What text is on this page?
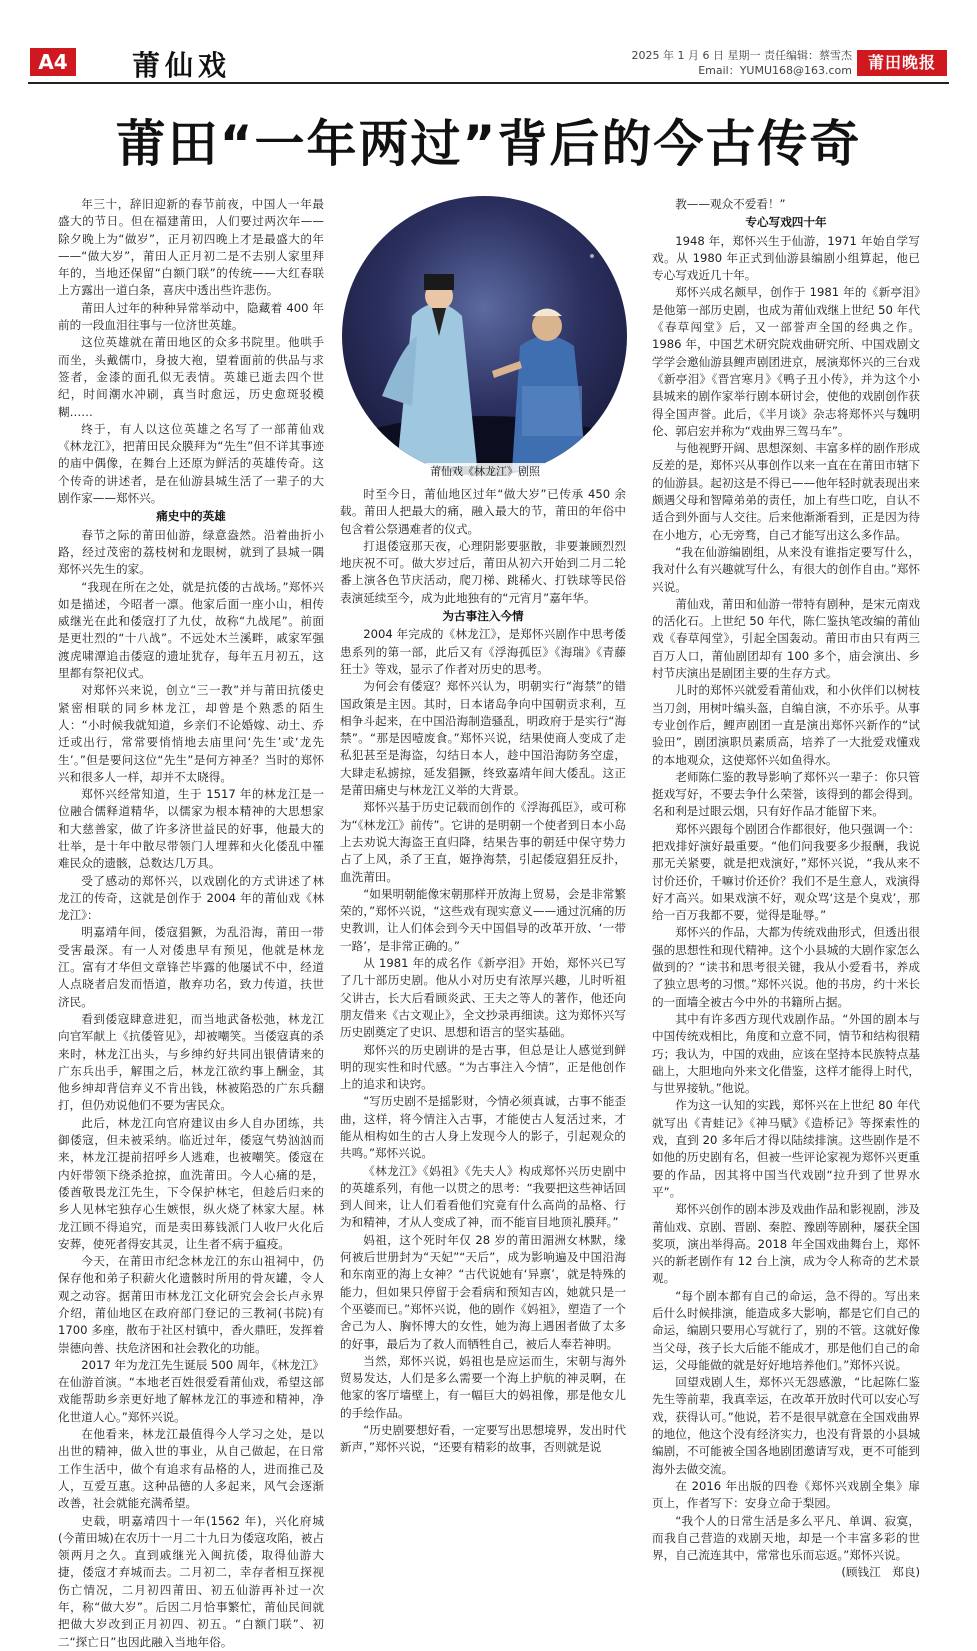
A4 莆仙戏	2025 年 1 月 6 日 星期一 责任编辑：蔡雪杰
Email：YUMU168@163.com 莆田晚报
莆田“一年两过”背后的今古传奇

年三十，辞旧迎新的春节前夜，中国人一年最盛大的节日。但在福建莆田，人们要过两次年——除夕晚上为“做岁”，正月初四晚上才是最盛大的年——“做大岁”，莆田人正月初二是不去别人家里拜年的，当地还保留“白额门联”的传统——大红春联上方露出一道白条，喜庆中透出些许悲伤。

莆田人过年的种种异常举动中，隐藏着 400 年前的一段血泪往事与一位济世英雄。

这位英雄就在莆田地区的众多书院里。他哄手而坐，头戴儒巾，身披大袍，望着面前的供品与求签者，金漆的面孔似无表情。英雄已逝去四个世纪，时间潮水冲刷，真当时愈远，历史愈斑驳模糊……

终于，有人以这位英雄之名写了一部莆仙戏《林龙江》，把莆田民众膜拜为“先生”但不详其事迹的庙中偶像，在舞台上还原为鲜活的英雄传奇。这个传奇的讲述者，是在仙游县城生活了一辈子的大剧作家——郑怀兴。

痛史中的英雄

春节之际的莆田仙游，绿意盎然。沿着曲折小路，经过茂密的荔枝树和龙眼树，就到了县城一隅郑怀兴先生的家。

“我现在所在之处，就是抗倭的古战场。”郑怀兴如是描述，今昭者一凛。他家后面一座小山，相传威继光在此和倭寇打了九仗，故称“九战尾”。前面是更壮烈的“十八战”。不远处木兰溪畔，戚家军强渡虎啸潭追击倭寇的遗址犹存，每年五月初五，这里都有祭祀仪式。

对郑怀兴来说，创立“三一教”并与莆田抗倭史紧密相联的同乡林龙江，却曾是个熟悉的陌生人：“小时候我就知道，乡亲们不论婚嫁、动土、乔迁或出行，常常要悄悄地去庙里问‘先生’或‘龙先生’。”但是要问这位“先生”是何方神圣？当时的郑怀兴和很多人一样，却并不太晓得。

郑怀兴经常知道，生于 1517 年的林龙江是一位融合儒释道精华，以儒家为根本精神的大思想家和大慈善家，做了许多济世益民的好事，他最大的壮举，是十年中散尽带领门人埋葬和火化倭乱中罹难民众的遗骸，总数达几万具。

受了感动的郑怀兴，以戏剧化的方式讲述了林龙江的传奇，这就是创作于 2004 年的莆仙戏《林龙江》：

明嘉靖年间，倭寇猖獗，为乱沿海，莆田一带受害最深。有一人对倭患早有预见，他就是林龙江。富有才华但文章锋芒毕露的他屡试不中，经道人点晓者启发而悟道，散弃功名，致力传道，扶世济民。

看到倭寇肆意进犯，而当地武备松弛，林龙江向官军献上《抗倭管见》，却被嘲笑。当倭寇真的杀来时，林龙江出头，与乡绅约好共同出银倩请来的广东兵出手，解围之后，林龙江欲约事上酬金，其他乡绅却背信弃义不肯出钱，林被陷恐的广东兵翻打，但仍劝说他们不要为害民众。

此后，林龙江向官府建议由乡人自办团练，共御倭寇，但未被采纳。临近过年，倭寇气势汹汹而来，林龙江提前招呼乡人逃难，也被嘲笑。倭寇在内奸带领下绕杀抢掠，血洗莆田。今人心痛的是，倭酋敬畏龙江先生，下令保护林宅，但趁后归来的乡人见林宅独存心生嫉恨，纵火烧了林家大屋。林龙江顾不得追究，而是卖田募钱派门人收尸火化后安葬，使死者得安其灵，让生者不病于瘟疫。

今天，在莆田市纪念林龙江的东山祖祠中，仍保存他和弟子积薪火化遗骸时所用的骨灰罐，令人观之动容。据莆田市林龙江文化研究会会长卢永界介绍，莆仙地区在政府部门登记的三教祠(书院)有 1700 多座，散布于社区村镇中，香火鼎旺，发挥着崇德向善、扶危济困和社会教化的功能。

2017 年为龙江先生诞辰 500 周年，《林龙江》在仙游首演。“本地老百姓很爱看莆仙戏，希望这部戏能帮助乡亲更好地了解林龙江的事迹和精神，净化世道人心。”郑怀兴说。

在他看来，林龙江最值得今人学习之处，是以出世的精神，做入世的事业，从自己做起，在日常工作生活中，做个有追求有品格的人，进而推己及人，互爱互惠。这种品德的人多起来，风气会逐渐改善，社会就能充满希望。

史载，明嘉靖四十一年(1562 年)，兴化府城(今莆田城)在农历十一月二十九日为倭寇攻陷，被占领两月之久。直到戚继光入闽抗倭，取得仙游大捷，倭寇才弃城而去。二月初二，幸存者相互探视伤亡情况，二月初四莆田、初五仙游再补过一次年，称“做大岁”。后因二月恰事繁忙，莆仙民间就把做大岁改到正月初四、初五。“白额门联”、初二“探亡日”也因此融入当地年俗。

莆仙戏《林龙江》剧照

时至今日，莆仙地区过年“做大岁”已传承 450 余载。莆田人把最大的痛，融入最大的节，莆田的年俗中包含着公祭遇难者的仪式。

打退倭寇那天夜，心理阴影要驱散，非要兼顾烈烈地庆祝不可。做大岁过后，莆田从初六开始到二月二轮番上演各色节庆活动，爬刀梯、跳稀火、打铁球等民俗表演延续至今，成为此地独有的“元宵月”嘉年华。

为古事注入今情

2004 年完成的《林龙江》，是郑怀兴剧作中思考倭患系列的第一部，此后又有《浮海孤臣》《海瑞》《青藤狂士》等戏，显示了作者对历史的思考。

为何会有倭寇？郑怀兴认为，明朝实行“海禁”的错国政策是主因。其时，日本诸岛争向中国朝贡求利，互相争斗起来，在中国沿海制造骚乱，明政府于是实行“海禁”。“那是因噎废食。”郑怀兴说，结果使商人变成了走私犯甚至是海盗，勾结日本人，趁中国沿海防务空虚，大肆走私掳掠，延发猖獗，终致嘉靖年间大倭乱。这正是莆田痛史与林龙江义举的大背景。

郑怀兴基于历史记载而创作的《浮海孤臣》，或可称为“《林龙江》前传”。它讲的是明朝一个使者到日本小岛上去劝说大海盗王直归降，结果告事的朝廷中保守势力占了上风，杀了王直，姬挣海禁，引起倭寇猖狂反扑，血洗莆田。

“如果明朝能像宋朝那样开放海上贸易，会是非常繁荣的，”郑怀兴说，“这些戏有现实意义——通过沉痛的历史教训，让人们体会到今天中国倡导的改革开放、‘一带一路’，是非常正确的。”

从 1981 年的成名作《新亭泪》开始，郑怀兴已写了几十部历史剧。他从小对历史有浓厚兴趣，儿时听祖父讲古，长大后看顾炎武、王夫之等人的著作，他还向朋友借来《古文观止》，全文抄录再细读。这为郑怀兴写历史剧奠定了史识、思想和语言的坚实基础。

郑怀兴的历史剧讲的是古事，但总是让人感觉到鲜明的现实性和时代感。“为古事注入今情”，正是他创作上的追求和诀窍。

“写历史剧不是摇影财，今情必须真诚，古事不能歪曲，这样，将今情注入古事，才能使古人复活过来，才能从相构如生的古人身上发现今人的影子，引起观众的共鸣。”郑怀兴说。

《林龙江》《妈祖》《先夫人》构成郑怀兴历史剧中的英雄系列，有他一以贯之的思考：“我要把这些神话回到人间来，让人们看看他们究竟有什么高尚的品格、行为和精神，才从人变成了神，而不能盲目地顶礼膜拜。”

妈祖，这个死时年仅 28 岁的莆田湄洲女林默，缘何被后世册封为“天妃”“天后”，成为影响遍及中国沿海和东南亚的海上女神？“古代说她有‘异禀’，就是特殊的能力，但如果只停留于会看病和预知吉凶，她就只是一个巫婆而已。”郑怀兴说，他的剧作《妈祖》，塑造了一个舍己为人、胸怀博大的女性，她为海上遇困者做了太多的好事，最后为了救人而牺牲自己，被后人奉若神明。

当然，郑怀兴说，妈祖也是应运而生，宋朝与海外贸易发达，人们是多么需要一个海上护航的神灵啊，在他家的客厅墙壁上，有一幅巨大的妈祖像，那是他女儿的手绘作品。

“历史剧要想好看，一定要写出思想境界，发出时代新声，”郑怀兴说，“还要有精彩的故事，否则就是说

教——观众不爱看！”

专心写戏四十年

1948 年，郑怀兴生于仙游，1971 年始自学写戏。从 1980 年正式到仙游县编剧小组算起，他已专心写戏近几十年。

郑怀兴成名颇早，创作于 1981 年的《新亭泪》是他第一部历史剧，也成为莆仙戏继上世纪 50 年代《春草闯堂》后，又一部誉声全国的经典之作。1986 年，中国艺术研究院戏曲研究所、中国戏剧文学学会邀仙游县鲤声剧团进京，展演郑怀兴的三台戏《新亭泪》《晋宫寒月》《鸭子丑小传》，并为这个小县城来的剧作家举行剧本研讨会，使他的戏剧创作获得全国声誉。此后，《半月谈》杂志将郑怀兴与魏明伦、郭启宏并称为“戏曲界三驾马车”。

与他视野开阔、思想深刻、丰富多样的剧作形成反差的是，郑怀兴从事创作以来一直在在莆田市辖下的仙游县。起初这是不得已——他年轻时就表现出来颇遇父母和智障弟弟的责任，加上有些口吃，自认不适合到外面与人交往。后来他渐渐看到，正是因为待在小地方，心无旁骛，自己才能写出这么多作品。

“我在仙游编剧组，从来没有谁指定要写什么，我对什么有兴趣就写什么，有很大的创作自由。”郑怀兴说。

莆仙戏，莆田和仙游一带特有剧种，是宋元南戏的活化石。上世纪 50 年代，陈仁鉴执笔改编的莆仙戏《春草闯堂》，引起全国轰动。莆田市由只有两三百万人口，莆仙剧团却有 100 多个，庙会演出、乡村节庆演出是剧团主要的生存方式。

儿时的郑怀兴就爱看莆仙戏，和小伙伴们以树枝当刀剑，用树叶编头盔，自编自演，不亦乐乎。从事专业创作后，鲤声剧团一直是演出郑怀兴新作的“试验田”，剧团演职员素质高，培养了一大批爱戏懂戏的本地观众，这使郑怀兴如鱼得水。

老师陈仁鉴的教导影响了郑怀兴一辈子：你只管挺戏写好，不要去争什么荣誉，该得到的都会得到。名和利是过眼云烟，只有好作品才能留下来。

郑怀兴跟每个剧团合作都很好，他只强调一个：把戏排好演好最重要。“他们问我要多少报酬，我说那无关紧要，就是把戏演好，”郑怀兴说，“我从来不讨价还价，千嘛讨价还价？我们不是生意人，戏演得好才高兴。如果戏演不好，观众骂‘这是个臭戏’，那给一百万我都不要，觉得是耻辱。”

郑怀兴的作品，大都为传统戏曲形式，但透出很强的思想性和现代精神。这个小县城的大剧作家怎么做到的？“读书和思考很关键，我从小爱看书，养成了独立思考的习惯。”郑怀兴说。他的书房，约十米长的一面墙全被古今中外的书籍所占据。

其中有许多西方现代戏剧作品。“外国的剧本与中国传统戏相比，角度和立意不同，情节和结构很精巧；我认为，中国的戏曲，应该在坚持本民族特点基础上，大胆地向外来文化借鉴，这样才能得上时代，与世界接轨。”他说。

作为这一认知的实践，郑怀兴在上世纪 80 年代就写出《青蛙记》《神马赋》《造桥记》等探索性的戏，直到 20 多年后才得以陆续排演。这些剧作是不如他的历史剧有名，但被一些评论家视为郑怀兴更重要的作品，因其将中国当代戏剧“拉升到了世界水平”。

郑怀兴创作的剧本涉及戏曲作品和影视剧，涉及莆仙戏、京剧、晋剧、秦腔、豫剧等剧种，屡获全国奖项，演出举得高。2018 年全国戏曲舞台上，郑怀兴的新老剧作有 12 台上演，成为令人称奇的艺术景观。

“每个剧本都有自己的命运，急不得的。写出来后什么时候排演，能造成多大影响，都是它们自己的命运，编剧只要用心写就行了，别的不管。这就好像当父母，孩子长大后能不能成才，那是他们自己的命运，父母能做的就是好好地培养他们。”郑怀兴说。

回望戏剧人生，郑怀兴无怨感激，“比起陈仁鉴先生等前辈，我真幸运，在改革开放时代可以安心写戏，获得认可。”他说，若不是很早就意在全国戏曲界的地位，他这个没有经济实力，也没有背景的小县城编剧，不可能被全国各地剧团邀请写戏，更不可能到海外去做交流。

在 2016 年出版的四卷《郑怀兴戏剧全集》扉页上，作者写下：安身立命于梨园。

“我个人的日常生活是多么平凡、单调、寂寞，而我自己营造的戏剧天地，却是一个丰富多彩的世界，自己流连其中，常常也乐而忘返。”郑怀兴说。

(顾钱江　郑良)
